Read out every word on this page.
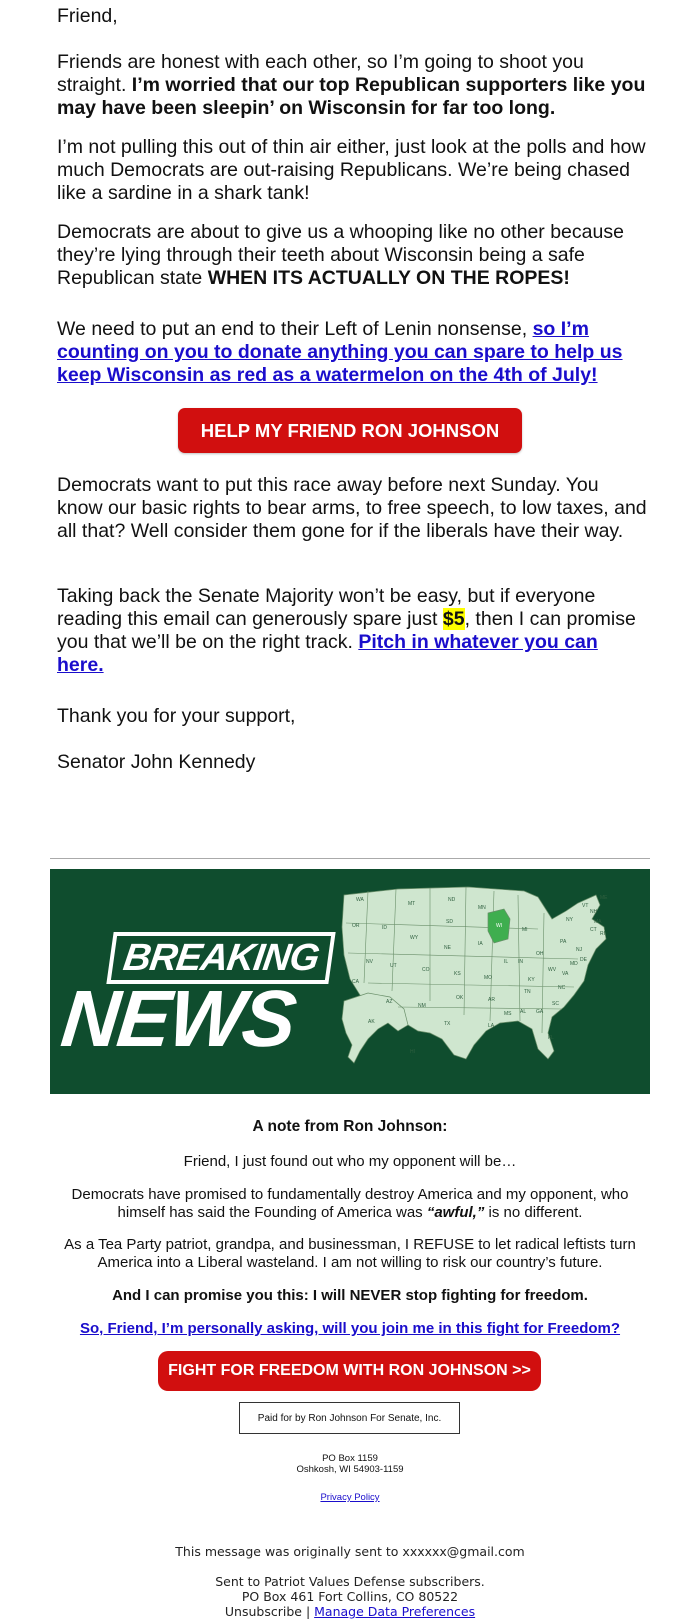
Friend,

Friends are honest with each other, so I’m going to shoot you straight. I’m worried that our top Republican supporters like you may have been sleepin’ on Wisconsin for far too long.

I’m not pulling this out of thin air either, just look at the polls and how much Democrats are out-raising Republicans. We’re being chased like a sardine in a shark tank!

Democrats are about to give us a whooping like no other because they’re lying through their teeth about Wisconsin being a safe Republican state WHEN ITS ACTUALLY ON THE ROPES!

We need to put an end to their Left of Lenin nonsense, so I’m counting on you to donate anything you can spare to help us keep Wisconsin as red as a watermelon on the 4th of July!

Democrats want to put this race away before next Sunday. You know our basic rights to bear arms, to free speech, to low taxes, and all that? Well consider them gone for if the liberals have their way.

Taking back the Senate Majority won’t be easy, but if everyone reading this email can generously spare just $5, then I can promise you that we’ll be on the right track. Pitch in whatever you can here.

Thank you for your support,

Senator John Kennedy

HELP MY FRIEND RON JOHNSON
BREAKING
NEWS
WA
MT
ND
MN
WI
MI
OR	ID
SD	NY
VT
NH
ME
WY
IA
NE
PA
MA
CT
RI
NJ
NV
UT
CO
KS
MO
IL IN
OH
WV
VA
DE
MD
CA
AZ
NM
OK	AR
KY
TN
NC
SC
TX	LA
MS AL GA
FL
AK
HI
A note from Ron Johnson:
Friend, I just found out who my opponent will be…
Democrats have promised to fundamentally destroy America and my opponent, who himself has said the Founding of America was “awful,” is no different.
As a Tea Party patriot, grandpa, and businessman, I REFUSE to let radical leftists turn America into a Liberal wasteland. I am not willing to risk our country’s future.
And I can promise you this: I will NEVER stop fighting for freedom.
So, Friend, I’m personally asking, will you join me in this fight for Freedom?
FIGHT FOR FREEDOM WITH RON JOHNSON >>
Paid for by Ron Johnson For Senate, Inc.
PO Box 1159
Oshkosh, WI 54903-1159
Privacy Policy
This message was originally sent to xxxxxx@gmail.com
Sent to Patriot Values Defense subscribers.
PO Box 461 Fort Collins, CO 80522
Unsubscribe | Manage Data Preferences
